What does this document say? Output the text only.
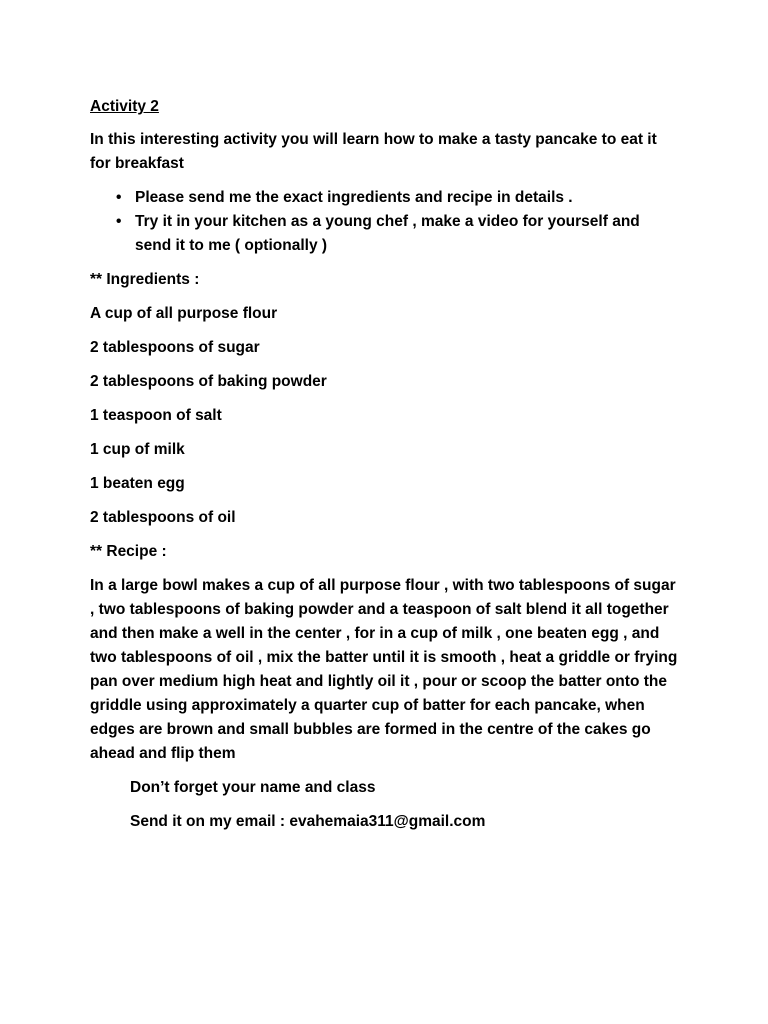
Activity 2
In this interesting activity you will learn how to make a tasty pancake to eat it for breakfast
• Please send me the exact ingredients and recipe in details .
• Try it in your kitchen as a young chef , make a video for yourself and send it to me ( optionally )
** Ingredients :
A cup of all purpose flour
2 tablespoons of sugar
2 tablespoons of baking powder
1 teaspoon of salt
1 cup of milk
1 beaten egg
2 tablespoons of oil
** Recipe :
In a large bowl makes a cup of all purpose flour , with two tablespoons of sugar , two tablespoons of baking powder and a teaspoon of salt blend it all together and then make a well in the center , for in a cup of milk , one beaten egg , and two tablespoons of oil , mix the batter until it is smooth , heat a griddle or frying pan over medium high heat and lightly oil it , pour or scoop the batter onto the griddle using approximately a quarter cup of batter for each pancake, when edges are brown and small bubbles are formed in the centre of the cakes go ahead and flip them
Don’t forget your name and class
Send it on my email : evahemaia311@gmail.com
